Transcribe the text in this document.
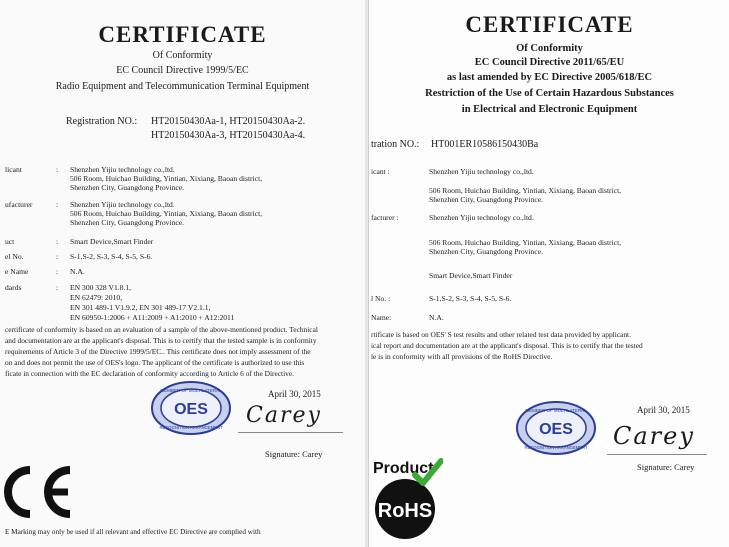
CERTIFICATE
Of Conformity
EC Council Directive 1999/5/EC
Radio Equipment and Telecommunication Terminal Equipment
Registration NO.: HT20150430Aa-1, HT20150430Aa-2.
HT20150430Aa-3, HT20150430Aa-4.
licant	: Shenzhen Yijiu technology co.,ltd.
506 Room, Huichao Building, Yintian, Xixiang, Baoan district,
Shenzhen City, Guangdong Province.
ufacturer	: Shenzhen Yijiu technology co.,ltd.
506 Room, Huichao Building, Yintian, Xixiang, Baoan district,
Shenzhen City, Guangdong Province.
uct	: Smart Device,Smart Finder
el No.	: S-1,S-2, S-3, S-4, S-5, S-6.
e Name	: N.A.
dards	: EN 300 328 V1.8.1,
EN 62479: 2010,
EN 301 489-1 V1.9.2, EN 301 489-17 V2.1.1,
EN 60950-1:2006 + A11:2009 + A1:2010 + A12:2011
certificate of conformity is based on an evaluation of a sample of the above-mentioned product. Technical
and documentation are at the applicant's disposal. This is to certify that the tested sample is in conformity
requirements of Article 3 of the Directive 1999/5/EC.. This certificate does not imply assessment of the
on and does not permit the use of OES's logo. The applicant of the certificate is authorized to use this
ficate in connection with the EC declaration of conformity according to Article 6 of the Directive.
MEMBER OF MULTILATERAL
OES
RECOGNITION ARRANGEMENT
April 30, 2015
Carey
Signature: Carey
E Marking may only be used if all relevant and effective EC Directive are complied with
CERTIFICATE
Of Conformity
EC Council Directive 2011/65/EU
as last amended by EC Directive 2005/618/EC
Restriction of the Use of Certain Hazardous Substances
in Electrical and Electronic Equipment
tration NO.: HT001ER10586150430Ba
icant :	Shenzhen Yijiu technology co.,ltd.
506 Room, Huichao Building, Yintian, Xixiang, Baoan district,
Shenzhen City, Guangdong Province.
facturer :	Shenzhen Yijiu technology co.,ltd.
506 Room, Huichao Building, Yintian, Xixiang, Baoan district,
Shenzhen City, Guangdong Province.
Smart Device,Smart Finder
l No. :	S-1,S-2, S-3, S-4, S-5, S-6.
Name:	N.A.
rtificate is based on OES' S test results and other related test data provided by applicant.
ical report and documentation are at the applicant's disposal. This is to certify that the tested
le is in conformity with all provisions of the RoHS Directive.
MEMBER OF MULTILATERAL
OES
RECOGNITION ARRANGEMENT
April 30, 2015
Carey
Signature: Carey
Product
RoHS
